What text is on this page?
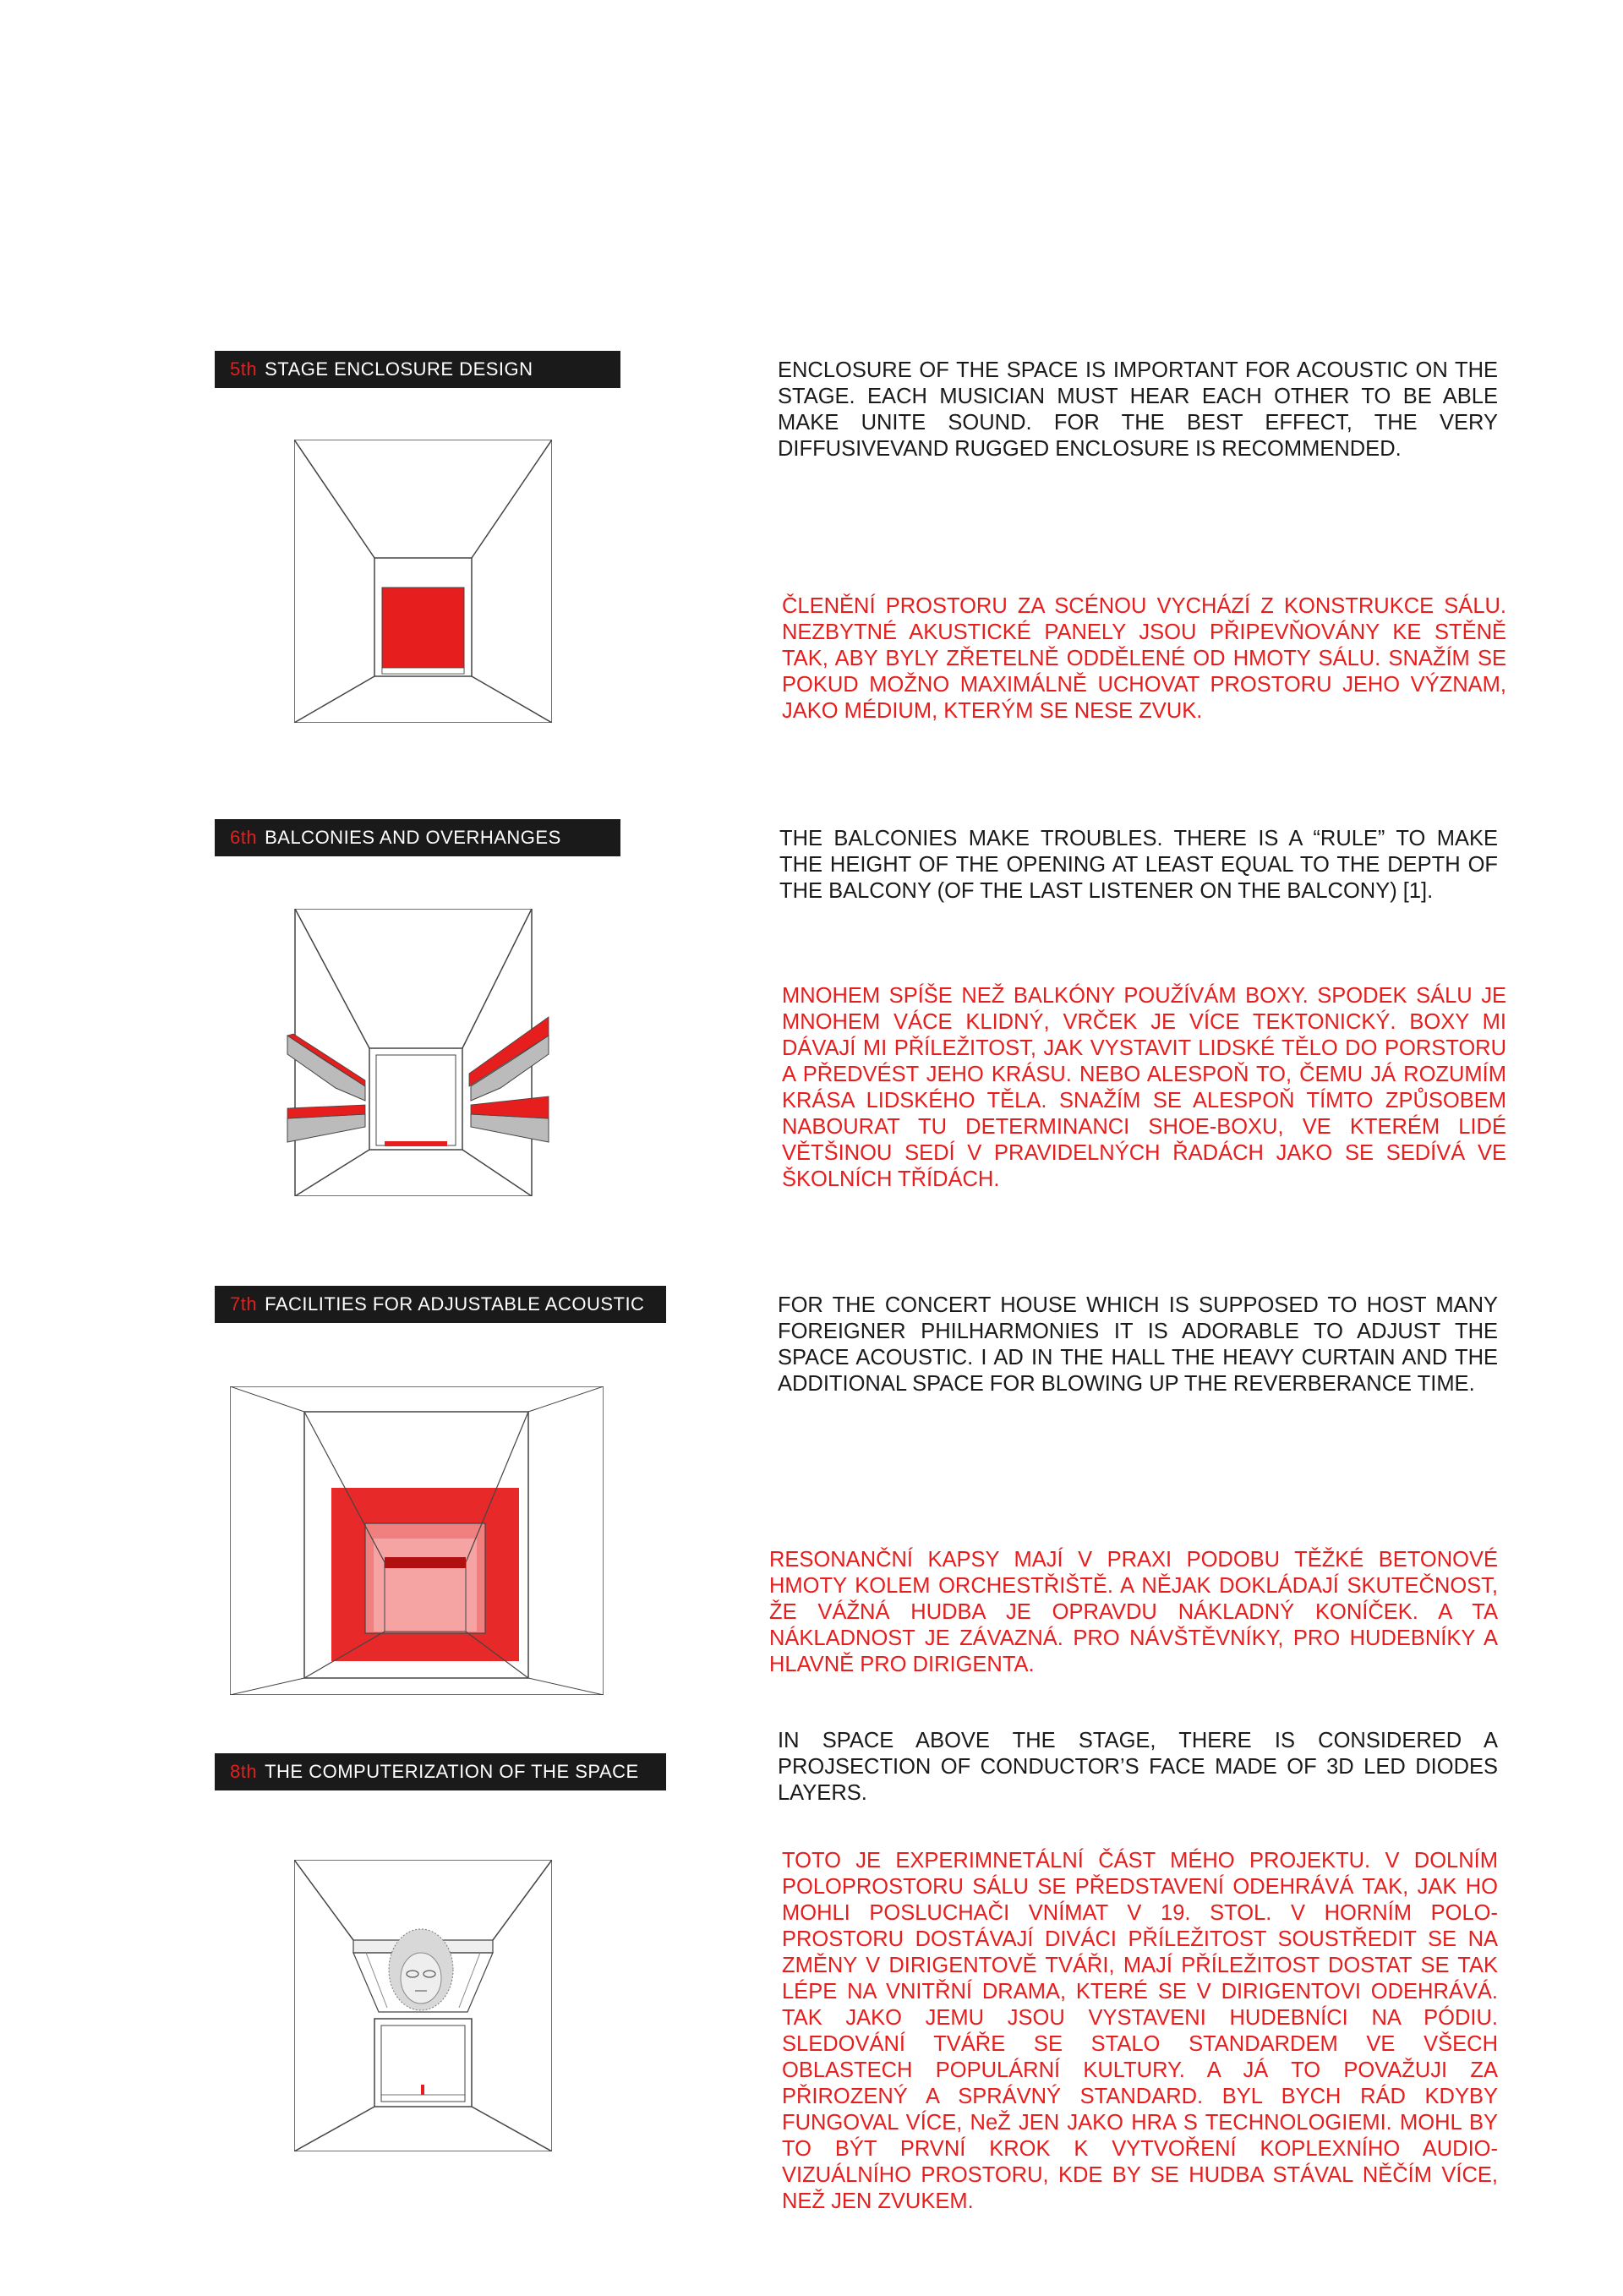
5th STAGE ENCLOSURE DESIGN	ENCLOSURE OF THE SPACE IS IMPORTANT FOR ACOUSTIC ON THE STAGE. EACH MUSICIAN MUST HEAR EACH OTHER TO BE ABLE MAKE UNITE SOUND. FOR THE BEST EFFECT, THE VERY DIFFUSIVEVAND RUGGED ENCLOSURE IS RECOMMENDED.
ČLENĚNÍ PROSTORU ZA SCÉNOU VYCHÁZÍ Z KONSTRUKCE SÁLU. NEZBYTNÉ AKUSTICKÉ PANELY JSOU PŘIPEVŇOVÁNY KE STĚNĚ TAK, ABY BYLY ZŘETELNĚ ODDĚLENÉ OD HMOTY SÁLU. SNAŽÍM SE POKUD MOŽNO MAXIMÁLNĚ UCHOVAT PROSTORU JEHO VÝZNAM, JAKO MÉDIUM, KTERÝM SE NESE ZVUK.
6th BALCONIES AND OVERHANGES	THE BALCONIES MAKE TROUBLES. THERE IS A “RULE” TO MAKE THE HEIGHT OF THE OPENING AT LEAST EQUAL TO THE DEPTH OF THE BALCONY (OF THE LAST LISTENER ON THE BALCONY) [1].
MNOHEM SPÍŠE NEŽ BALKÓNY POUŽÍVÁM BOXY. SPODEK SÁLU JE MNOHEM VÁCE KLIDNÝ, VRČEK JE VÍCE TEKTONICKÝ. BOXY MI DÁVAJÍ MI PŘÍLEŽITOST, JAK VYSTAVIT LIDSKÉ TĚLO DO PORSTORU A PŘEDVÉST JEHO KRÁSU. NEBO ALESPOŇ TO, ČEMU JÁ ROZUMÍM KRÁSA LIDSKÉHO TĚLA. SNAŽÍM SE ALESPOŇ TÍMTO ZPŮSOBEM NABOURAT TU DETERMINANCI SHOE-BOXU, VE KTERÉM LIDÉ VĚTŠINOU SEDÍ V PRAVIDELNÝCH ŘADÁCH JAKO SE SEDÍVÁ VE ŠKOLNÍCH TŘÍDÁCH.
7th FACILITIES FOR ADJUSTABLE ACOUSTIC	FOR THE CONCERT HOUSE WHICH IS SUPPOSED TO HOST MANY FOREIGNER PHILHARMONIES IT IS ADORABLE TO ADJUST THE SPACE ACOUSTIC. I AD IN THE HALL THE HEAVY CURTAIN AND THE ADDITIONAL SPACE FOR BLOWING UP THE REVERBERANCE TIME.
RESONANČNÍ KAPSY MAJÍ V PRAXI PODOBU TĚŽKÉ BETONOVÉ HMOTY KOLEM ORCHESTŘIŠTĚ. A NĚJAK DOKLÁDAJÍ SKUTEČNOST, ŽE VÁŽNÁ HUDBA JE OPRAVDU NÁKLADNÝ KONÍČEK. A TA NÁKLADNOST JE ZÁVAZNÁ. PRO NÁVŠTĚVNÍKY, PRO HUDEBNÍKY A HLAVNĚ PRO DIRIGENTA.
8th THE COMPUTERIZATION OF THE SPACE
IN SPACE ABOVE THE STAGE, THERE IS CONSIDERED A PROJSECTION OF CONDUCTOR’S FACE MADE OF 3D LED DIODES LAYERS.
TOTO JE EXPERIMNETÁLNÍ ČÁST MÉHO PROJEKTU. V DOLNÍM POLOPROSTORU SÁLU SE PŘEDSTAVENÍ ODEHRÁVÁ TAK, JAK HO MOHLI POSLUCHAČI VNÍMAT V 19. STOL. V HORNÍM POLO-PROSTORU DOSTÁVAJÍ DIVÁCI PŘÍLEŽITOST SOUSTŘEDIT SE NA ZMĚNY V DIRIGENTOVĚ TVÁŘI, MAJÍ PŘÍLEŽITOST DOSTAT SE TAK LÉPE NA VNITŘNÍ DRAMA, KTERÉ SE V DIRIGENTOVI ODEHRÁVÁ. TAK JAKO JEMU JSOU VYSTAVENI HUDEBNÍCI NA PÓDIU. SLEDOVÁNÍ TVÁŘE SE STALO STANDARDEM VE VŠECH OBLASTECH POPULÁRNÍ KULTURY. A JÁ TO POVAŽUJI ZA PŘIROZENÝ A SPRÁVNÝ STANDARD. BYL BYCH RÁD KDYBY FUNGOVAL VÍCE, NeŽ JEN JAKO HRA S TECHNOLOGIEMI. MOHL BY TO BÝT PRVNÍ KROK K VYTVOŘENÍ KOPLEXNÍHO AUDIO-VIZUÁLNÍHO PROSTORU, KDE BY SE HUDBA STÁVAL NĚČÍM VÍCE, NEŽ JEN ZVUKEM.
